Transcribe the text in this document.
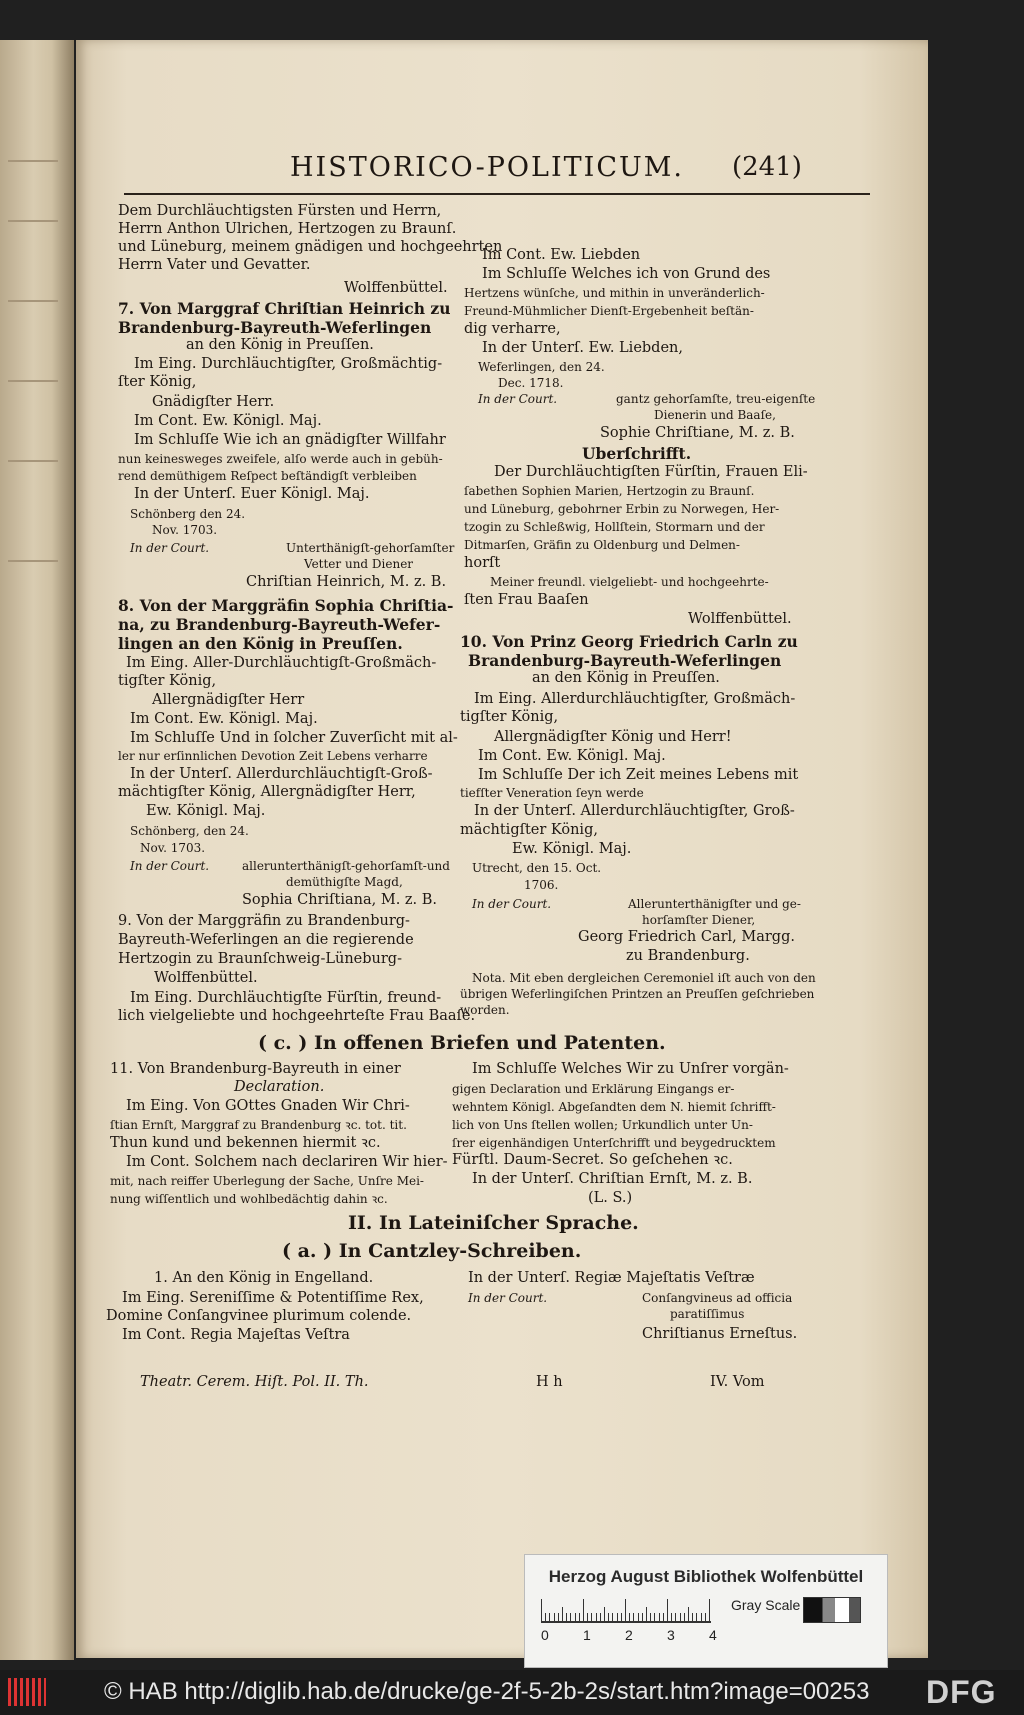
HISTORICO-POLITICUM. (241)
Dem Durchläuchtigsten Fürsten und Herrn,
Herrn Anthon Ulrichen, Hertzogen zu Braunſ.
und Lüneburg, meinem gnädigen und hochgeehrten
Herrn Vater und Gevatter.
Wolffenbüttel.
7. Von Marggraf Chriſtian Heinrich zu
Brandenburg-Bayreuth-Weferlingen
an den König in Preuſſen.
Im Eing. Durchläuchtigſter, Großmächtig-
ſter König,
Gnädigſter Herr.
Im Cont. Ew. Königl. Maj.
Im Schluſſe Wie ich an gnädigſter Willfahr
nun keinesweges zweifele, alſo werde auch in gebüh-
rend demüthigem Reſpect beſtändigſt verbleiben
In der Unterſ. Euer Königl. Maj.
Schönberg den 24.
Nov. 1703.
In der Court.	Unterthänigſt-gehorſamſter
Vetter und Diener
Chriſtian Heinrich, M. z. B.
8. Von der Marggräfin Sophia Chriſtia-
na, zu Brandenburg-Bayreuth-Wefer-
lingen an den König in Preuſſen.
Im Eing. Aller-Durchläuchtigſt-Großmäch-
tigſter König,
Allergnädigſter Herr
Im Cont. Ew. Königl. Maj.
Im Schluſſe Und in ſolcher Zuverſicht mit al-
ler nur erſinnlichen Devotion Zeit Lebens verharre
In der Unterſ. Allerdurchläuchtigſt-Groß-
mächtigſter König, Allergnädigſter Herr,
Ew. Königl. Maj.
Schönberg, den 24.
Nov. 1703.
In der Court.	allerunterthänigſt-gehorſamſt-und
demüthigſte Magd,
Sophia Chriſtiana, M. z. B.
9. Von der Marggräfin zu Brandenburg-
Bayreuth-Weferlingen an die regierende
Hertzogin zu Braunſchweig-Lüneburg-
Wolffenbüttel.
Im Eing. Durchläuchtigſte Fürſtin, freund-
lich vielgeliebte und hochgeehrteſte Frau Baaſe.
Im Cont. Ew. Liebden
Im Schluſſe Welches ich von Grund des
Hertzens wünſche, und mithin in unveränderlich-
Freund-Mühmlicher Dienſt-Ergebenheit beſtän-
dig verharre,
In der Unterſ. Ew. Liebden,
Weferlingen, den 24.
Dec. 1718.
In der Court.	gantz gehorſamſte, treu-eigenſte
Dienerin und Baaſe,
Sophie Chriſtiane, M. z. B.
Uberſchrifft.
Der Durchläuchtigſten Fürſtin, Frauen Eli-
ſabethen Sophien Marien, Hertzogin zu Braunſ.
und Lüneburg, gebohrner Erbin zu Norwegen, Her-
tzogin zu Schleßwig, Hollſtein, Stormarn und der
Ditmarſen, Gräfin zu Oldenburg und Delmen-
horſt
Meiner freundl. vielgeliebt- und hochgeehrte-
ſten Frau Baaſen
Wolffenbüttel.
10. Von Prinz Georg Friedrich Carln zu
Brandenburg-Bayreuth-Weferlingen
an den König in Preuſſen.
Im Eing. Allerdurchläuchtigſter, Großmäch-
tigſter König,
Allergnädigſter König und Herr!
Im Cont. Ew. Königl. Maj.
Im Schluſſe Der ich Zeit meines Lebens mit
tiefſter Veneration ſeyn werde
In der Unterſ. Allerdurchläuchtigſter, Groß-
mächtigſter König,
Ew. Königl. Maj.
Utrecht, den 15. Oct.
1706.
In der Court.	Allerunterthänigſter und ge-
horſamſter Diener,
Georg Friedrich Carl, Margg.
zu Brandenburg.
Nota. Mit eben dergleichen Ceremoniel iſt auch von den
übrigen Weferlingiſchen Printzen an Preuſſen geſchrieben
worden.
( c. ) In offenen Briefen und Patenten.
11. Von Brandenburg-Bayreuth in einer
Declaration.
Im Eing. Von GOttes Gnaden Wir Chri-
ſtian Ernſt, Marggraf zu Brandenburg ꝛc. tot. tit.
Thun kund und bekennen hiermit ꝛc.
Im Cont. Solchem nach declariren Wir hier-
mit, nach reiffer Uberlegung der Sache, Unſre Mei-
nung wiſſentlich und wohlbedächtig dahin ꝛc.
Im Schluſſe Welches Wir zu Unſrer vorgän-
gigen Declaration und Erklärung Eingangs er-
wehntem Königl. Abgeſandten dem N. hiemit ſchrifft-
lich von Uns ſtellen wollen; Urkundlich unter Un-
ſrer eigenhändigen Unterſchrifft und beygedrucktem
Fürſtl. Daum-Secret. So geſchehen ꝛc.
In der Unterſ. Chriſtian Ernſt, M. z. B.
(L. S.)
II. In Lateiniſcher Sprache.
( a. ) In Cantzley-Schreiben.
1. An den König in Engelland.
Im Eing. Sereniſſime & Potentiſſime Rex,
Domine Conſangvinee plurimum colende.
Im Cont. Regia Majeſtas Veſtra
In der Unterſ. Regiæ Majeſtatis Veſtræ
In der Court.	Conſangvineus ad officia
paratiſſimus
Chriſtianus Erneſtus.
Theatr. Cerem. Hiſt. Pol. II. Th.	H h	IV. Vom
Herzog August Bibliothek Wolfenbüttel
0 1 2 3 4
Gray Scale
© HAB http://diglib.hab.de/drucke/ge-2f-5-2b-2s/start.htm?image=00253 DFG
